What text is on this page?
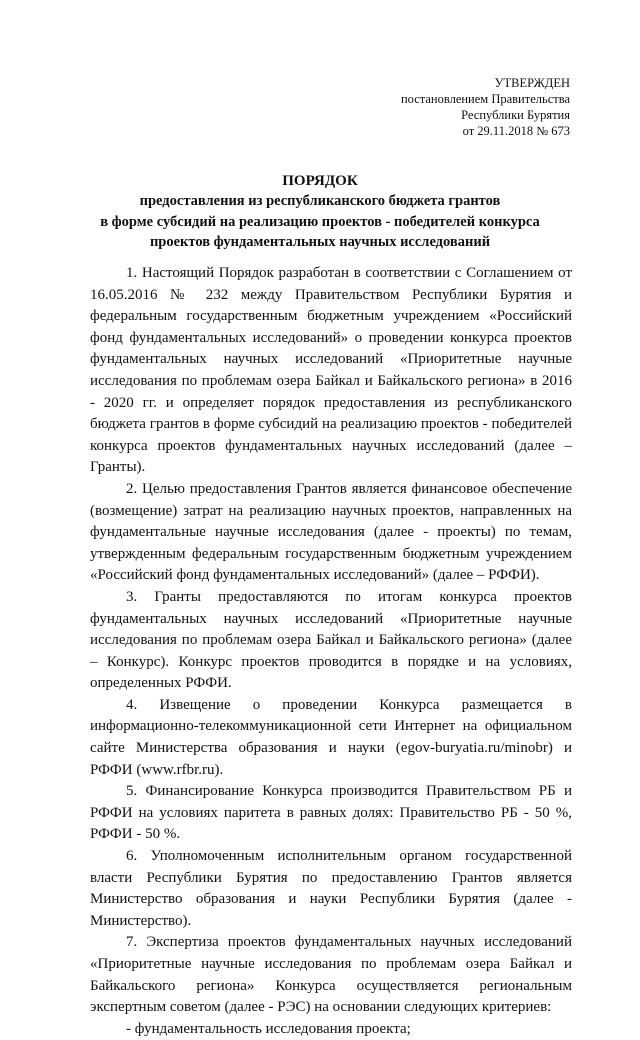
УТВЕРЖДЕН
постановлением Правительства
Республики Бурятия
от 29.11.2018 № 673
ПОРЯДОК
предоставления из республиканского бюджета грантов
в форме субсидий на реализацию проектов - победителей конкурса
проектов фундаментальных научных исследований

1. Настоящий Порядок разработан в соответствии с Соглашением от 16.05.2016 № 232 между Правительством Республики Бурятия и федеральным государственным бюджетным учреждением «Российский фонд фундаментальных исследований» о проведении конкурса проектов фундаментальных научных исследований «Приоритетные научные исследования по проблемам озера Байкал и Байкальского региона» в 2016 - 2020 гг. и определяет порядок предоставления из республиканского бюджета грантов в форме субсидий на реализацию проектов - победителей конкурса проектов фундаментальных научных исследований (далее – Гранты).

2. Целью предоставления Грантов является финансовое обеспечение (возмещение) затрат на реализацию научных проектов, направленных на фундаментальные научные исследования (далее - проекты) по темам, утвержденным федеральным государственным бюджетным учреждением «Российский фонд фундаментальных исследований» (далее – РФФИ).

3. Гранты предоставляются по итогам конкурса проектов фундаментальных научных исследований «Приоритетные научные исследования по проблемам озера Байкал и Байкальского региона» (далее – Конкурс). Конкурс проектов проводится в порядке и на условиях, определенных РФФИ.

4. Извещение о проведении Конкурса размещается в информационно-телекоммуникационной сети Интернет на официальном сайте Министерства образования и науки (egov-buryatia.ru/minobr) и РФФИ (www.rfbr.ru).

5. Финансирование Конкурса производится Правительством РБ и РФФИ на условиях паритета в равных долях: Правительство РБ - 50 %, РФФИ - 50 %.

6. Уполномоченным исполнительным органом государственной власти Республики Бурятия по предоставлению Грантов является Министерство образования и науки Республики Бурятия (далее - Министерство).

7. Экспертиза проектов фундаментальных научных исследований «Приоритетные научные исследования по проблемам озера Байкал и Байкальского региона» Конкурса осуществляется региональным экспертным советом (далее - РЭС) на основании следующих критериев:

- фундаментальность исследования проекта;
